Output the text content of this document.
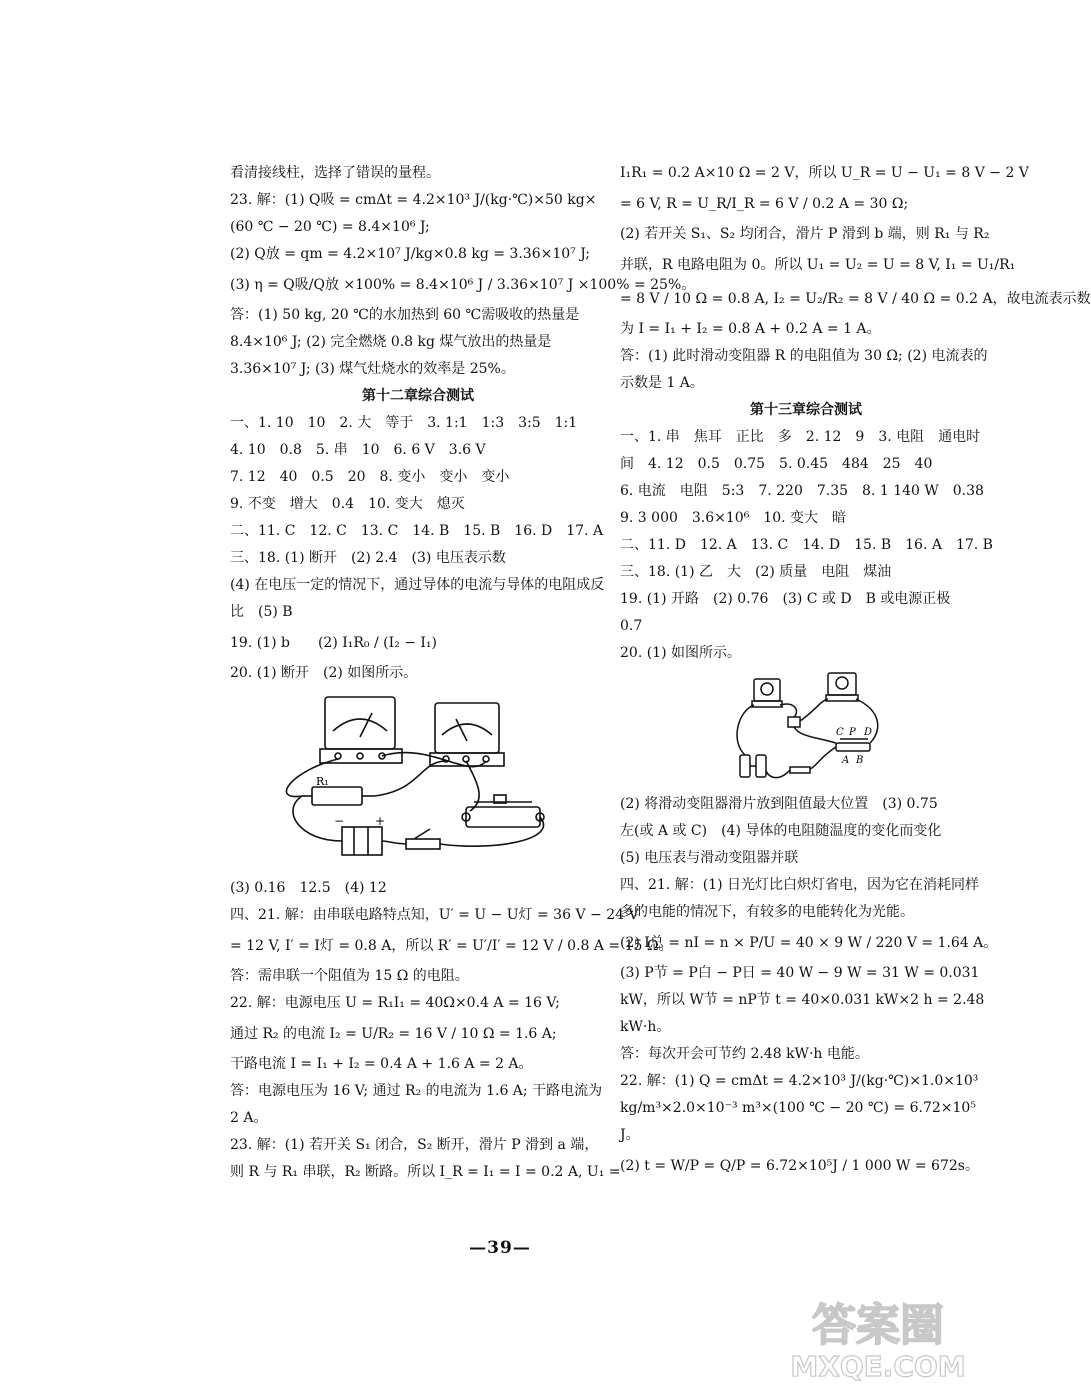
看清接线柱，选择了错误的量程。
23. 解：(1) Q吸 = cmΔt = 4.2×10³ J/(kg·℃)×50 kg×
(60 ℃ − 20 ℃) = 8.4×10⁶ J;
(2) Q放 = qm = 4.2×10⁷ J/kg×0.8 kg = 3.36×10⁷ J;
(3) η = Q吸/Q放 ×100% = 8.4×10⁶ J / 3.36×10⁷ J ×100% = 25%。
答：(1) 50 kg, 20 ℃的水加热到 60 ℃需吸收的热量是
8.4×10⁶ J; (2) 完全燃烧 0.8 kg 煤气放出的热量是
3.36×10⁷ J; (3) 煤气灶烧水的效率是 25%。
第十二章综合测试
一、1. 10　10　2. 大　等于　3. 1:1　1:3　3:5　1:1
4. 10　0.8　5. 串　10　6. 6 V　3.6 V
7. 12　40　0.5　20　8. 变小　变小　变小
9. 不变　增大　0.4　10. 变大　熄灭
二、11. C　12. C　13. C　14. B　15. B　16. D　17. A
三、18. (1) 断开　(2) 2.4　(3) 电压表示数
(4) 在电压一定的情况下，通过导体的电流与导体的电阻成反比　(5) B
19. (1) b　　(2) I₁R₀ / (I₂ − I₁)
20. (1) 断开　(2) 如图所示。
R₁
+
−
(3) 0.16　12.5　(4) 12
四、21. 解：由串联电路特点知，U′ = U − U灯 = 36 V − 24 V
= 12 V, I′ = I灯 = 0.8 A，所以 R′ = U′/I′ = 12 V / 0.8 A = 15 Ω。
答：需串联一个阻值为 15 Ω 的电阻。
22. 解：电源电压 U = R₁I₁ = 40Ω×0.4 A = 16 V;
通过 R₂ 的电流 I₂ = U/R₂ = 16 V / 10 Ω = 1.6 A;
干路电流 I = I₁ + I₂ = 0.4 A + 1.6 A = 2 A。
答：电源电压为 16 V; 通过 R₂ 的电流为 1.6 A; 干路电流为 2 A。
23. 解：(1) 若开关 S₁ 闭合，S₂ 断开，滑片 P 滑到 a 端，
则 R 与 R₁ 串联，R₂ 断路。所以 I_R = I₁ = I = 0.2 A, U₁ =
I₁R₁ = 0.2 A×10 Ω = 2 V，所以 U_R = U − U₁ = 8 V − 2 V
= 6 V, R = U_R/I_R = 6 V / 0.2 A = 30 Ω;
(2) 若开关 S₁、S₂ 均闭合，滑片 P 滑到 b 端，则 R₁ 与 R₂
并联，R 电路电阻为 0。所以 U₁ = U₂ = U = 8 V, I₁ = U₁/R₁
= 8 V / 10 Ω = 0.8 A, I₂ = U₂/R₂ = 8 V / 40 Ω = 0.2 A，故电流表示数
为 I = I₁ + I₂ = 0.8 A + 0.2 A = 1 A。
答：(1) 此时滑动变阻器 R 的电阻值为 30 Ω; (2) 电流表的示数是 1 A。
第十三章综合测试
一、1. 串　焦耳　正比　多　2. 12　9　3. 电阻　通电时间　4. 12　0.5　0.75　5. 0.45　484　25　40
6. 电流　电阻　5:3　7. 220　7.35　8. 1 140 W　0.38
9. 3 000　3.6×10⁶　10. 变大　暗
二、11. D　12. A　13. C　14. D　15. B　16. A　17. B
三、18. (1) 乙　大　(2) 质量　电阻　煤油
19. (1) 开路　(2) 0.76　(3) C 或 D　B 或电源正极
0.7
20. (1) 如图所示。
C P D
A B
(2) 将滑动变阻器滑片放到阻值最大位置　(3) 0.75
左(或 A 或 C)　(4) 导体的电阻随温度的变化而变化
(5) 电压表与滑动变阻器并联
四、21. 解：(1) 日光灯比白炽灯省电，因为它在消耗同样多的电能的情况下，有较多的电能转化为光能。
(2) I总 = nI = n × P/U = 40 × 9 W / 220 V = 1.64 A。
(3) P节 = P白 − P日 = 40 W − 9 W = 31 W = 0.031 kW，所以 W节 = nP节 t = 40×0.031 kW×2 h = 2.48 kW·h。
答：每次开会可节约 2.48 kW·h 电能。
22. 解：(1) Q = cmΔt = 4.2×10³ J/(kg·℃)×1.0×10³ kg/m³×2.0×10⁻³ m³×(100 ℃ − 20 ℃) = 6.72×10⁵ J。
(2) t = W/P = Q/P = 6.72×10⁵J / 1 000 W = 672s。
—39—
答案圈
MXQE.COM
